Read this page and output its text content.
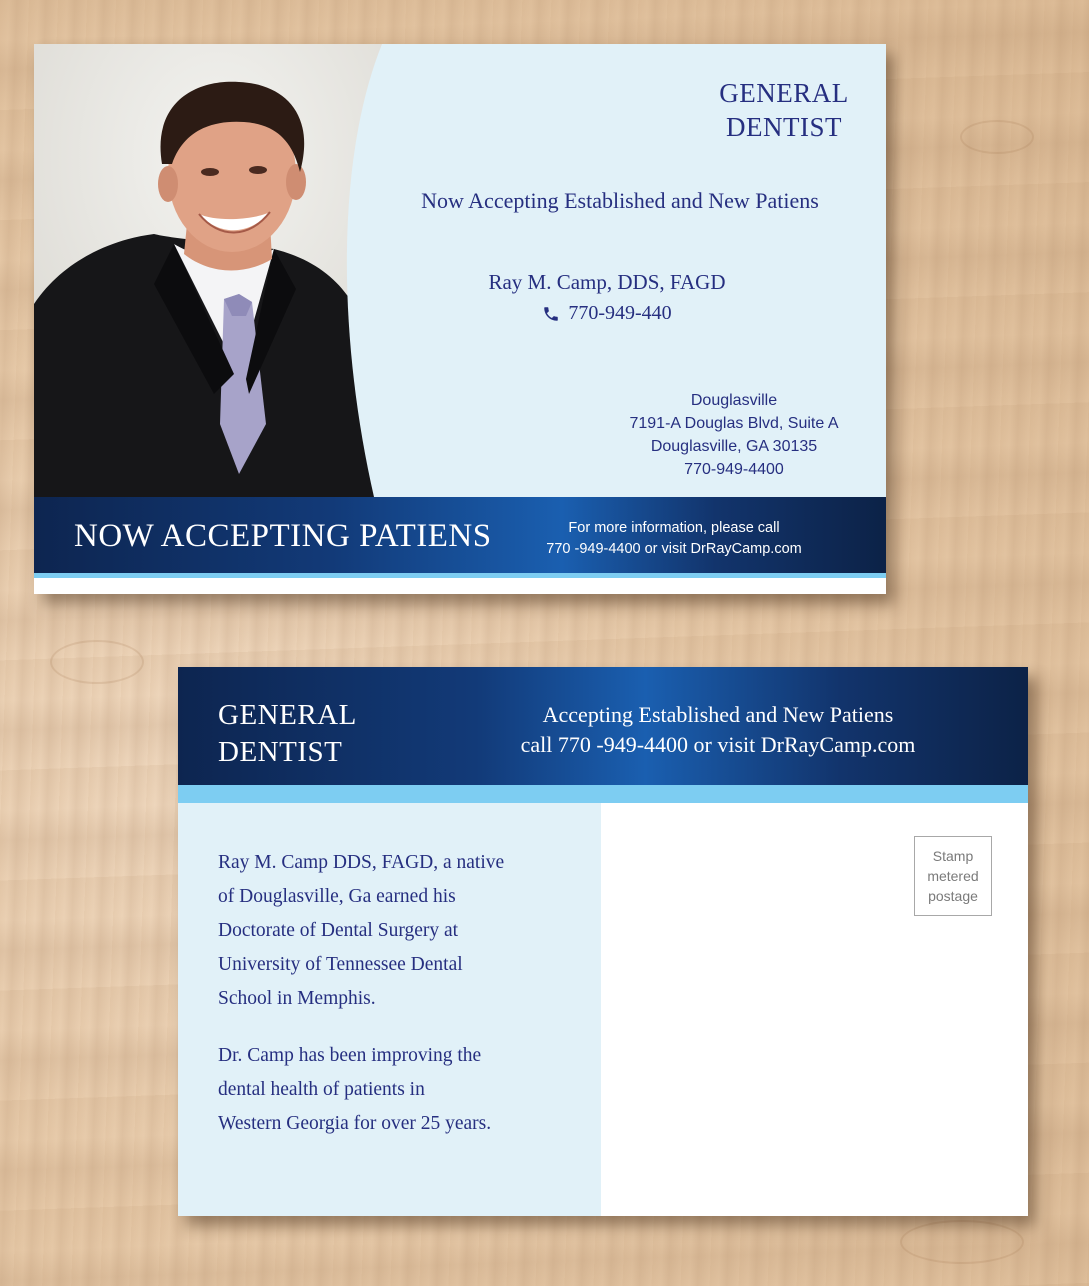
GENERAL
DENTIST
Now Accepting Established and New Patiens
Ray M. Camp, DDS, FAGD
770-949-440
Douglasville
7191-A Douglas Blvd, Suite A
Douglasville, GA 30135
770-949-4400
NOW ACCEPTING PATIENS	For more information, please call
770 -949-4400 or visit DrRayCamp.com
GENERAL
DENTIST
Accepting Established and New Patiens
call 770 -949-4400 or visit DrRayCamp.com
Ray M. Camp DDS, FAGD, a native
of Douglasville, Ga earned his
Doctorate of Dental Surgery at
University of Tennessee Dental
School in Memphis.
Dr. Camp has been improving the
dental health of patients in
Western Georgia for over 25 years.
Stamp
metered
postage
